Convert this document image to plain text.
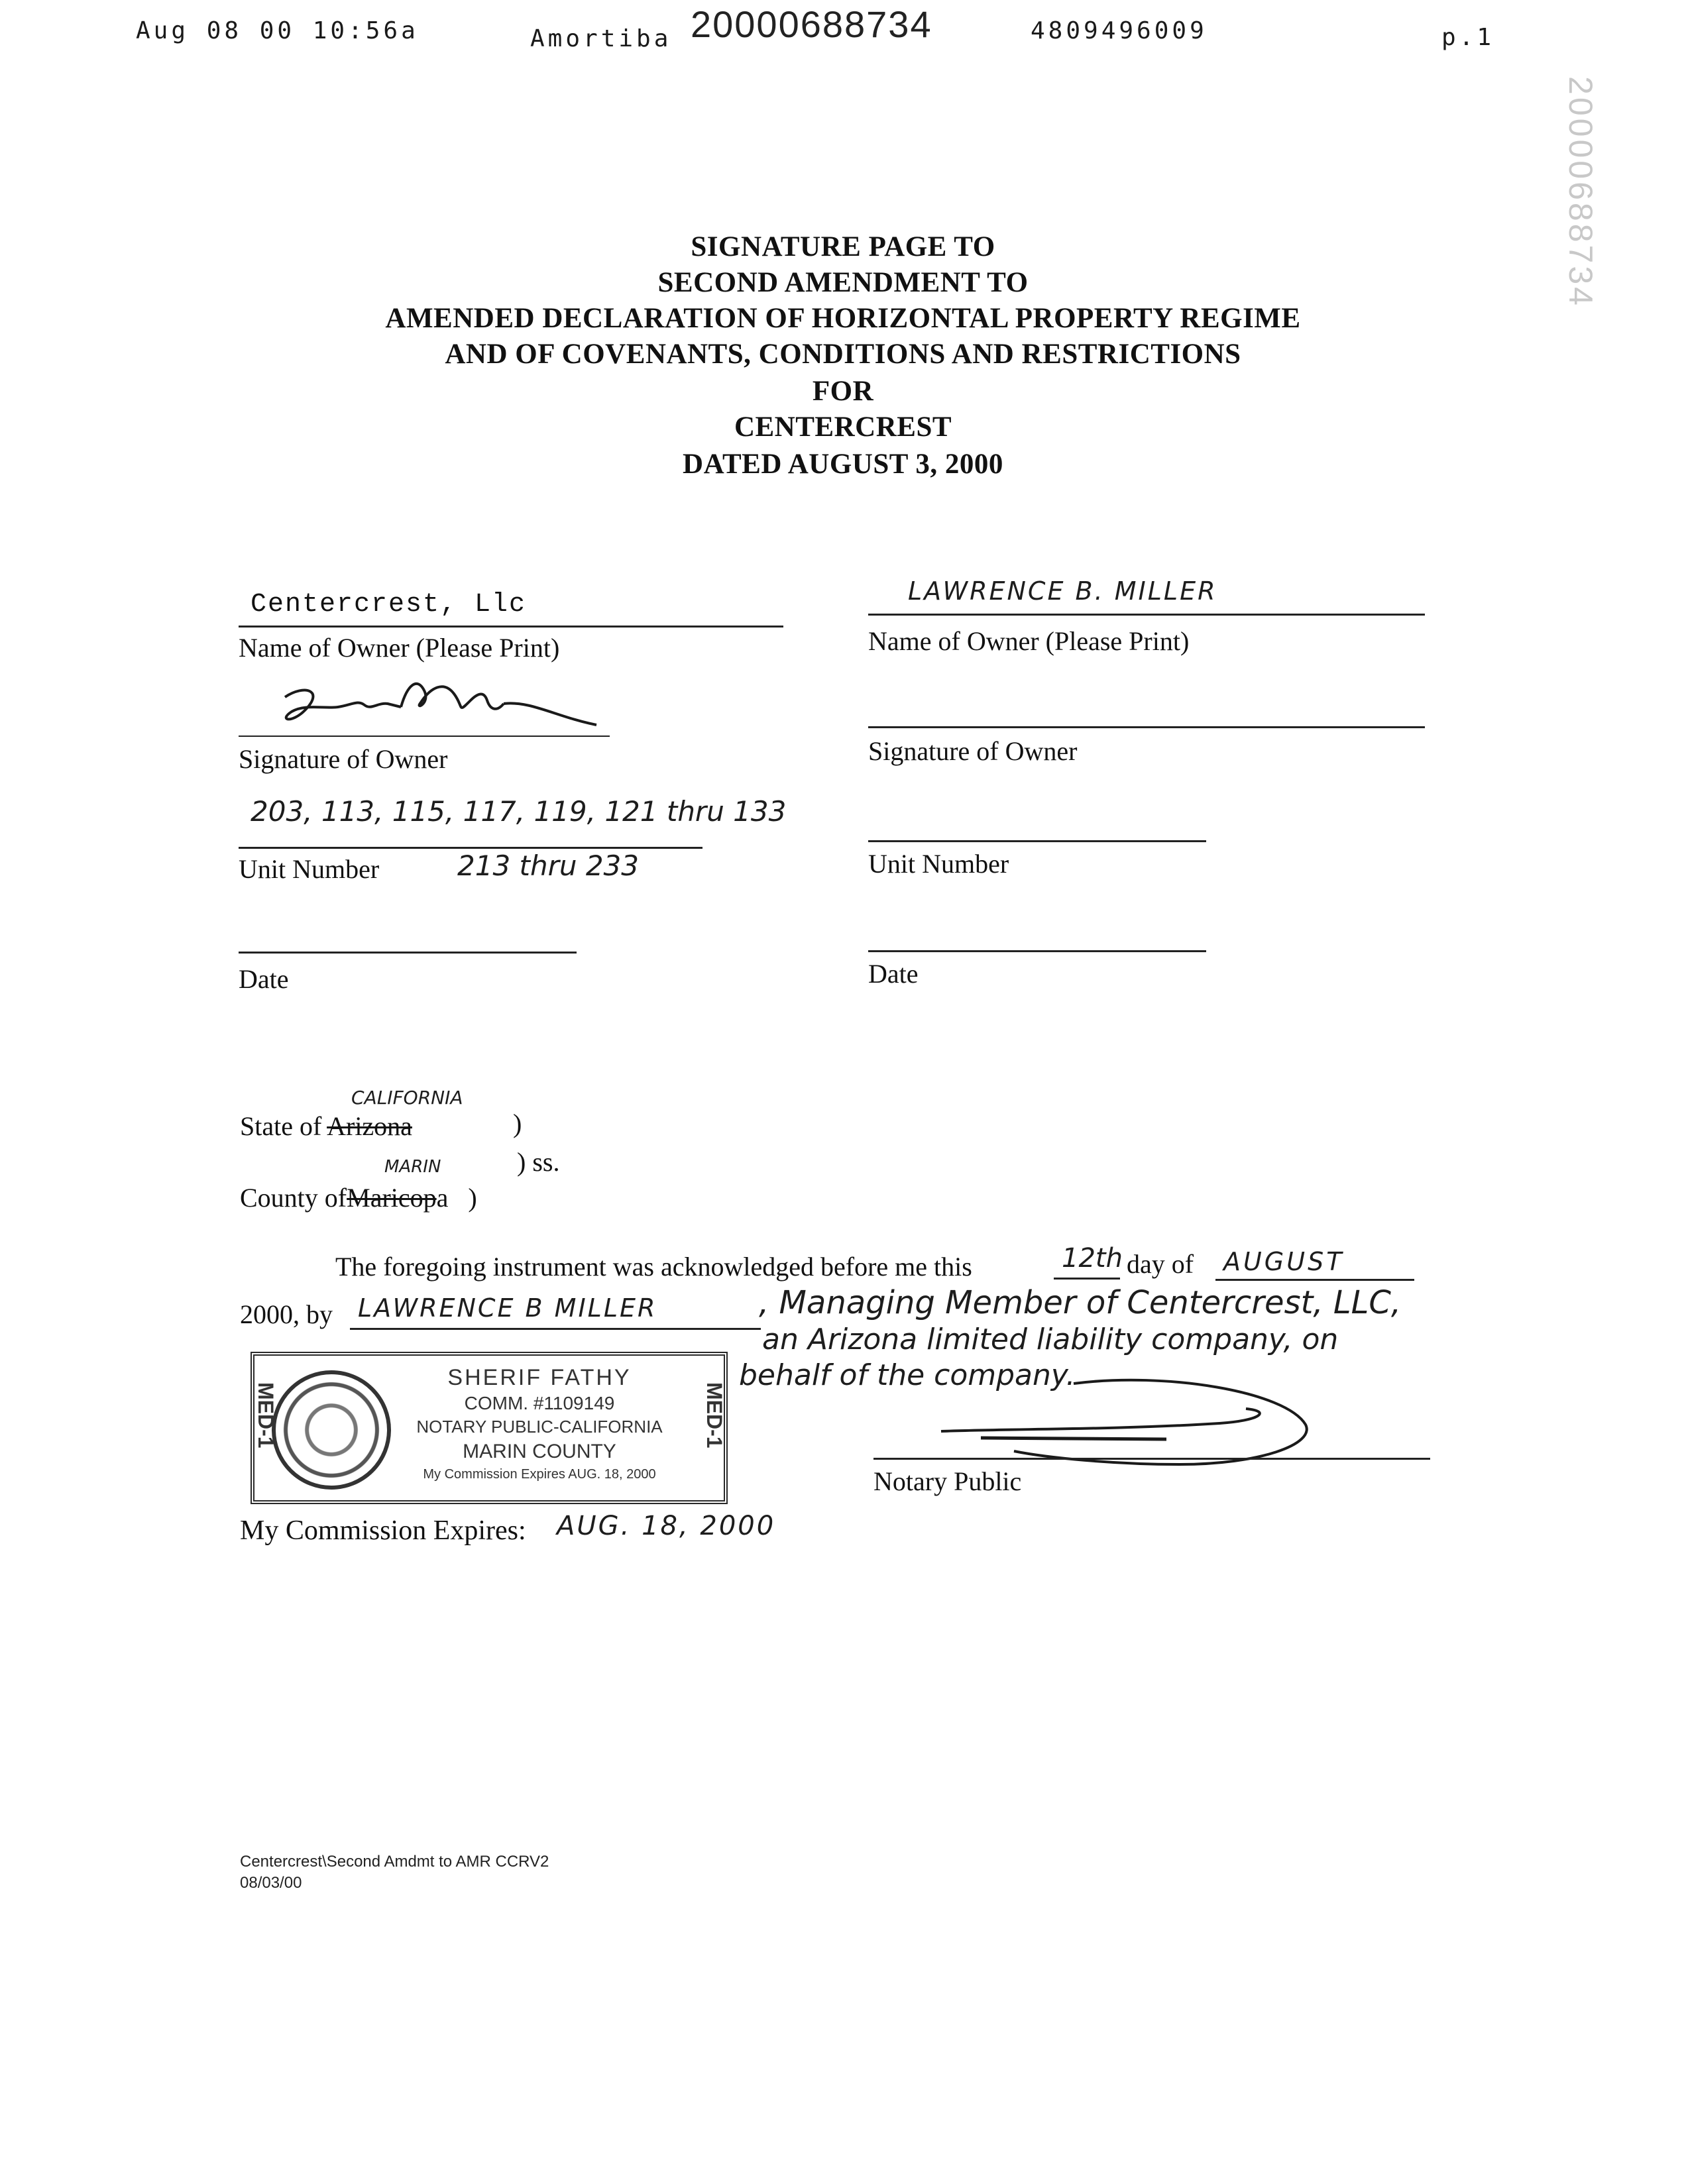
Aug 08 00 10:56a	Amortiba 20000688734	4809496009	p.1
20000688734
SIGNATURE PAGE TO
SECOND AMENDMENT TO
AMENDED DECLARATION OF HORIZONTAL PROPERTY REGIME
AND OF COVENANTS, CONDITIONS AND RESTRICTIONS
FOR
CENTERCREST
DATED AUGUST 3, 2000
Centercrest, Llc
Name of Owner (Please Print)
Signature of Owner
203, 113, 115, 117, 119, 121 thru 133
Unit Number	213 thru 233
Date
LAWRENCE B. MILLER
Name of Owner (Please Print)
Signature of Owner
Unit Number
Date
CALIFORNIA
State of Arizona	)
MARIN	) ss.
County ofMaricopa )
The foregoing instrument was acknowledged before me this	12th day of AUGUST
2000, by LAWRENCE B MILLER	, Managing Member of Centercrest, LLC,
an Arizona limited liability company, on
behalf of the company.
MED-1	MED-1
SHERIF FATHY
COMM. #1109149
NOTARY PUBLIC-CALIFORNIA
MARIN COUNTY
My Commission Expires AUG. 18, 2000	Notary Public
My Commission Expires: AUG. 18, 2000
Centercrest\Second Amdmt to AMR CCRV2
08/03/00
